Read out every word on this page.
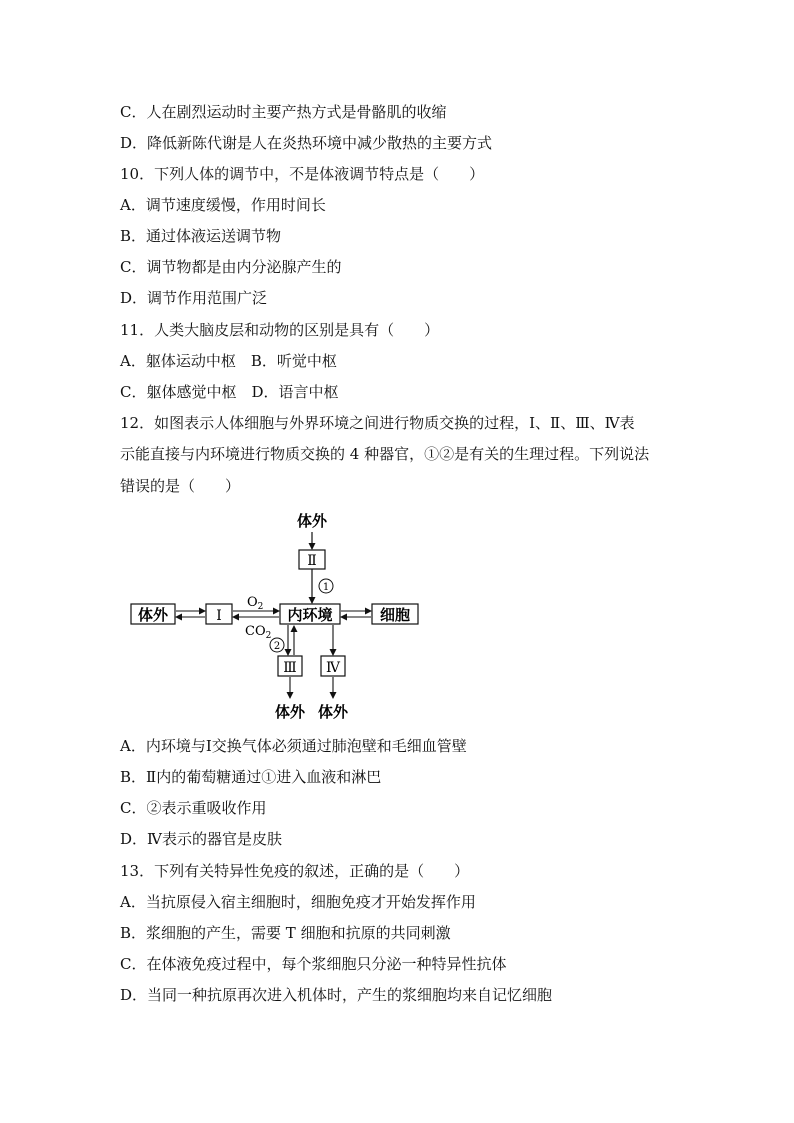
C．人在剧烈运动时主要产热方式是骨骼肌的收缩
D．降低新陈代谢是人在炎热环境中减少散热的主要方式
10．下列人体的调节中，不是体液调节特点是（　　）
A．调节速度缓慢，作用时间长
B．通过体液运送调节物
C．调节物都是由内分泌腺产生的
D．调节作用范围广泛
11．人类大脑皮层和动物的区别是具有（　　）
A．躯体运动中枢　B．听觉中枢
C．躯体感觉中枢　D．语言中枢
12．如图表示人体细胞与外界环境之间进行物质交换的过程，Ⅰ、Ⅱ、Ⅲ、Ⅳ表
示能直接与内环境进行物质交换的 4 种器官，①②是有关的生理过程。下列说法
错误的是（　　）
体外
Ⅱ
1
体外	Ⅰ
$O_2$
$CO_2$
内环境	细胞
2
Ⅲ Ⅳ
体外 体外
A．内环境与Ⅰ交换气体必须通过肺泡壁和毛细血管壁
B．Ⅱ内的葡萄糖通过①进入血液和淋巴
C．②表示重吸收作用
D．Ⅳ表示的器官是皮肤
13．下列有关特异性免疫的叙述，正确的是（　　）
A．当抗原侵入宿主细胞时，细胞免疫才开始发挥作用
B．浆细胞的产生，需要 T 细胞和抗原的共同刺激
C．在体液免疫过程中，每个浆细胞只分泌一种特异性抗体
D．当同一种抗原再次进入机体时，产生的浆细胞均来自记忆细胞
